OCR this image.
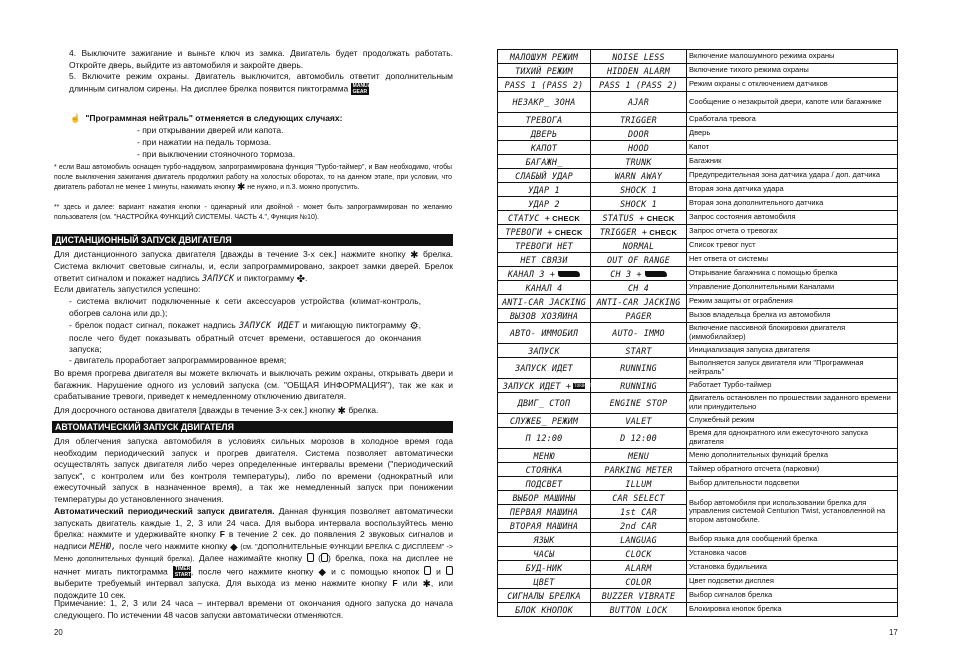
4. Выключите зажигание и выньте ключ из замка. Двигатель будет продолжать работать. Откройте дверь, выйдите из автомобиля и закройте дверь.
5. Включите режим охраны. Двигатель выключится, автомобиль ответит дополнительным длинным сигналом сирены. На дисплее брелка появится пиктограмма MANUAL GEAR
☝ "Программная нейтраль" отменяется в следующих случаях:
- при открывании дверей или капота.
- при нажатии на педаль тормоза.
- при выключении стояночного тормоза.
* если Ваш автомобиль оснащен турбо-наддувом, запрограммирована функция "Турбо-таймер", и Вам необходимо, чтобы после выключения зажигания двигатель продолжил работу на холостых оборотах, то на данном этапе, при условии, что двигатель работал не менее 1 минуты, нажимать кнопку ✱ не нужно, и п.3. можно пропустить.
** здесь и далее: вариант нажатия кнопки - одинарный или двойной - может быть запрограммирован по желанию пользователя (см. "НАСТРОЙКА ФУНКЦИЙ СИСТЕМЫ. ЧАСТЬ 4.", Функция №10).
ДИСТАНЦИОННЫЙ ЗАПУСК ДВИГАТЕЛЯ
Для дистанционного запуска двигателя [дважды в течение 3-х сек.] нажмите кнопку ✱ брелка. Система включит световые сигналы, и, если запрограммировано, закроет замки дверей. Брелок ответит сигналом и покажет надпись ЗАПУСК и пиктограмму ✤.
Если двигатель запустился успешно:
- система включит подключенные к сети аксессуаров устройства (климат-контроль, обогрев салона или др.);
- брелок подаст сигнал, покажет надпись ЗАПУСК ИДЕТ и мигающую пиктограмму ⚙, после чего будет показывать обратный отсчет времени, оставшегося до окончания запуска;
- двигатель проработает запрограммированное время;
Во время прогрева двигателя вы можете включать и выключать режим охраны, открывать двери и багажник. Нарушение одного из условий запуска (см. "ОБЩАЯ ИНФОРМАЦИЯ"), так же как и срабатывание тревоги, приведет к немедленному отключению двигателя.
Для досрочного останова двигателя [дважды в течение 3-х сек.] кнопку ✱ брелка.
АВТОМАТИЧЕСКИЙ ЗАПУСК ДВИГАТЕЛЯ
Для облегчения запуска автомобиля в условиях сильных морозов в холодное время года необходим периодический запуск и прогрев двигателя. Система позволяет автоматически осуществлять запуск двигателя либо через определенные интервалы времени ("периодический запуск", с контролем или без контроля температуры), либо по времени (однократный или ежесуточный запуск в назначенное время), а так же немедленный запуск при понижении температуры до установленного значения.
Автоматический периодический запуск двигателя. Данная функция позволяет автоматически запускать двигатель каждые 1, 2, 3 или 24 часа. Для выбора интервала воспользуйтесь меню брелка: нажмите и удерживайте кнопку F в течение 2 сек. до появления 2 звуковых сигналов и надписи МЕНЮ, после чего нажмите кнопку ◆ (см. "ДОПОЛНИТЕЛЬНЫЕ ФУНКЦИИ БРЕЛКА С ДИСПЛЕЕМ" -> Меню дополнительных функций брелка). Далее нажимайте кнопку  ( ) брелка, пока на дисплее не начнет мигать пиктограмма TIMER START, после чего нажмите кнопку ◆ и с помощью кнопок и  выберите требуемый интервал запуска. Для выхода из меню нажмите кнопку F или ✱, или подождите 10 сек.
Примечание: 1, 2, 3 или 24 часа – интервал времени от окончания одного запуска до начала следующего. По истечении 48 часов запуски автоматически отменяются.
20
МАЛОШУМ РЕЖИМ	NOISE LESS	Включение малошумного режима охраны
ТИХИЙ РЕЖИМ	HIDDEN ALARM	Включение тихого режима охраны
PASS 1 (PASS 2)	PASS 1 (PASS 2)	Режим охраны с отключением датчиков
НЕЗАКР_ ЗОНА	AJAR	Сообщение о незакрытой двери, капоте или багажнике
ТРЕВОГА	TRIGGER	Сработала тревога
ДВЕРЬ	DOOR	Дверь
КАПОТ	HOOD	Капот
БАГАЖН_	TRUNK	Багажник
СЛАБЫЙ УДАР	WARN AWAY	Предупредительная зона датчика удара / доп. датчика
УДАР 1	SHOCK 1	Вторая зона датчика удара
УДАР 2	SHOCK 1	Вторая зона дополнительного датчика
СТАТУС + CHECK	STATUS + CHECK	Запрос состояния автомобиля
ТРЕВОГИ + CHECK	TRIGGER + CHECK	Запрос отчета о тревогах
ТРЕВОГИ НЕТ	NORMAL	Список тревог пуст
НЕТ СВЯЗИ	OUT OF RANGE	Нет ответа от системы
КАНАЛ 3 +	CH 3 +	Открывание багажника с помощью брелка
КАНАЛ 4	CH 4	Управление Дополнительными Каналами
ANTI-CAR JACKING	ANTI-CAR JACKING	Режим защиты от ограбления
ВЫЗОВ ХОЗЯИНА	PAGER	Вызов владельца брелка из автомобиля
АВТО- ИММОБИЛ	AUTO- IMMO	Включение пассивной блокировки двигателя (иммобилайзер)
ЗАПУСК	START	Инициализация запуска двигателя
ЗАПУСК ИДЕТ	RUNNING	Выполняется запуск двигателя или "Программная нейтраль"
ЗАПУСК ИДЕТ + TURBO TIMER	RUNNING	Работает Турбо-таймер
ДВИГ_ СТОП	ENGINE STOP	Двигатель остановлен по прошествии заданного времени или принудительно
СЛУЖЕБ_ РЕЖИМ	VALET	Служебный режим
П 12:00	D 12:00	Время для однократного или ежесуточного запуска двигателя
МЕНЮ	MENU	Меню дополнительных функций брелка
СТОЯНКА	PARKING METER	Таймер обратного отсчета (парковки)
ПОДСВЕТ	ILLUM	Выбор длительности подсветки
ВЫБОР МАШИНЫ	CAR SELECT	Выбор автомобиля при использовании брелка для управления системой Centurion Twist, установленной на втором автомобиле.
ПЕРВАЯ МАШИНА	1st CAR	
ВТОРАЯ МАШИНА	2nd CAR	
ЯЗЫК	LANGUAG	Выбор языка для сообщений брелка
ЧАСЫ	CLOCK	Установка часов
БУД-НИК	ALARM	Установка будильника
ЦВЕТ	COLOR	Цвет подсветки дисплея
СИГНАЛЫ БРЕЛКА	BUZZER VIBRATE	Выбор сигналов брелка
БЛОК КНОПОК	BUTTON LOCK	Блокировка кнопок брелка
17
